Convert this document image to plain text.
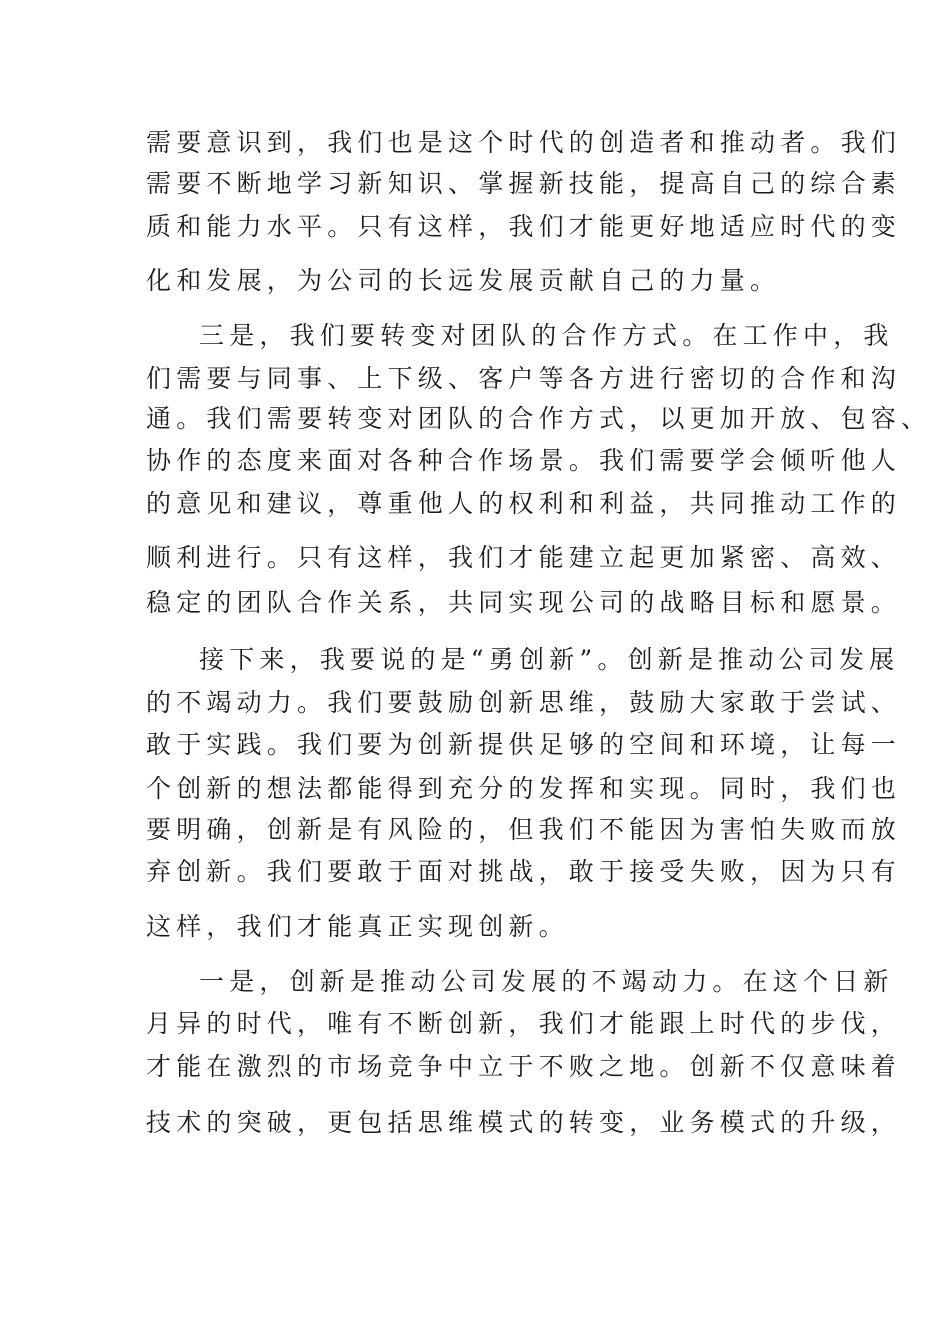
需要意识到，我们也是这个时代的创造者和推动者。我们

需要不断地学习新知识、掌握新技能，提高自己的综合素

质和能力水平。只有这样，我们才能更好地适应时代的变

化和发展，为公司的长远发展贡献自己的力量。

三是，我们要转变对团队的合作方式。在工作中，我

们需要与同事、上下级、客户等各方进行密切的合作和沟

通。我们需要转变对团队的合作方式，以更加开放、包容、

协作的态度来面对各种合作场景。我们需要学会倾听他人

的意见和建议，尊重他人的权利和利益，共同推动工作的

顺利进行。只有这样，我们才能建立起更加紧密、高效、

稳定的团队合作关系，共同实现公司的战略目标和愿景。

接下来，我要说的是“勇创新”。创新是推动公司发展

的不竭动力。我们要鼓励创新思维，鼓励大家敢于尝试、

敢于实践。我们要为创新提供足够的空间和环境，让每一

个创新的想法都能得到充分的发挥和实现。同时，我们也

要明确，创新是有风险的，但我们不能因为害怕失败而放

弃创新。我们要敢于面对挑战，敢于接受失败，因为只有

这样，我们才能真正实现创新。

一是，创新是推动公司发展的不竭动力。在这个日新

月异的时代，唯有不断创新，我们才能跟上时代的步伐，

才能在激烈的市场竞争中立于不败之地。创新不仅意味着

技术的突破，更包括思维模式的转变，业务模式的升级，
